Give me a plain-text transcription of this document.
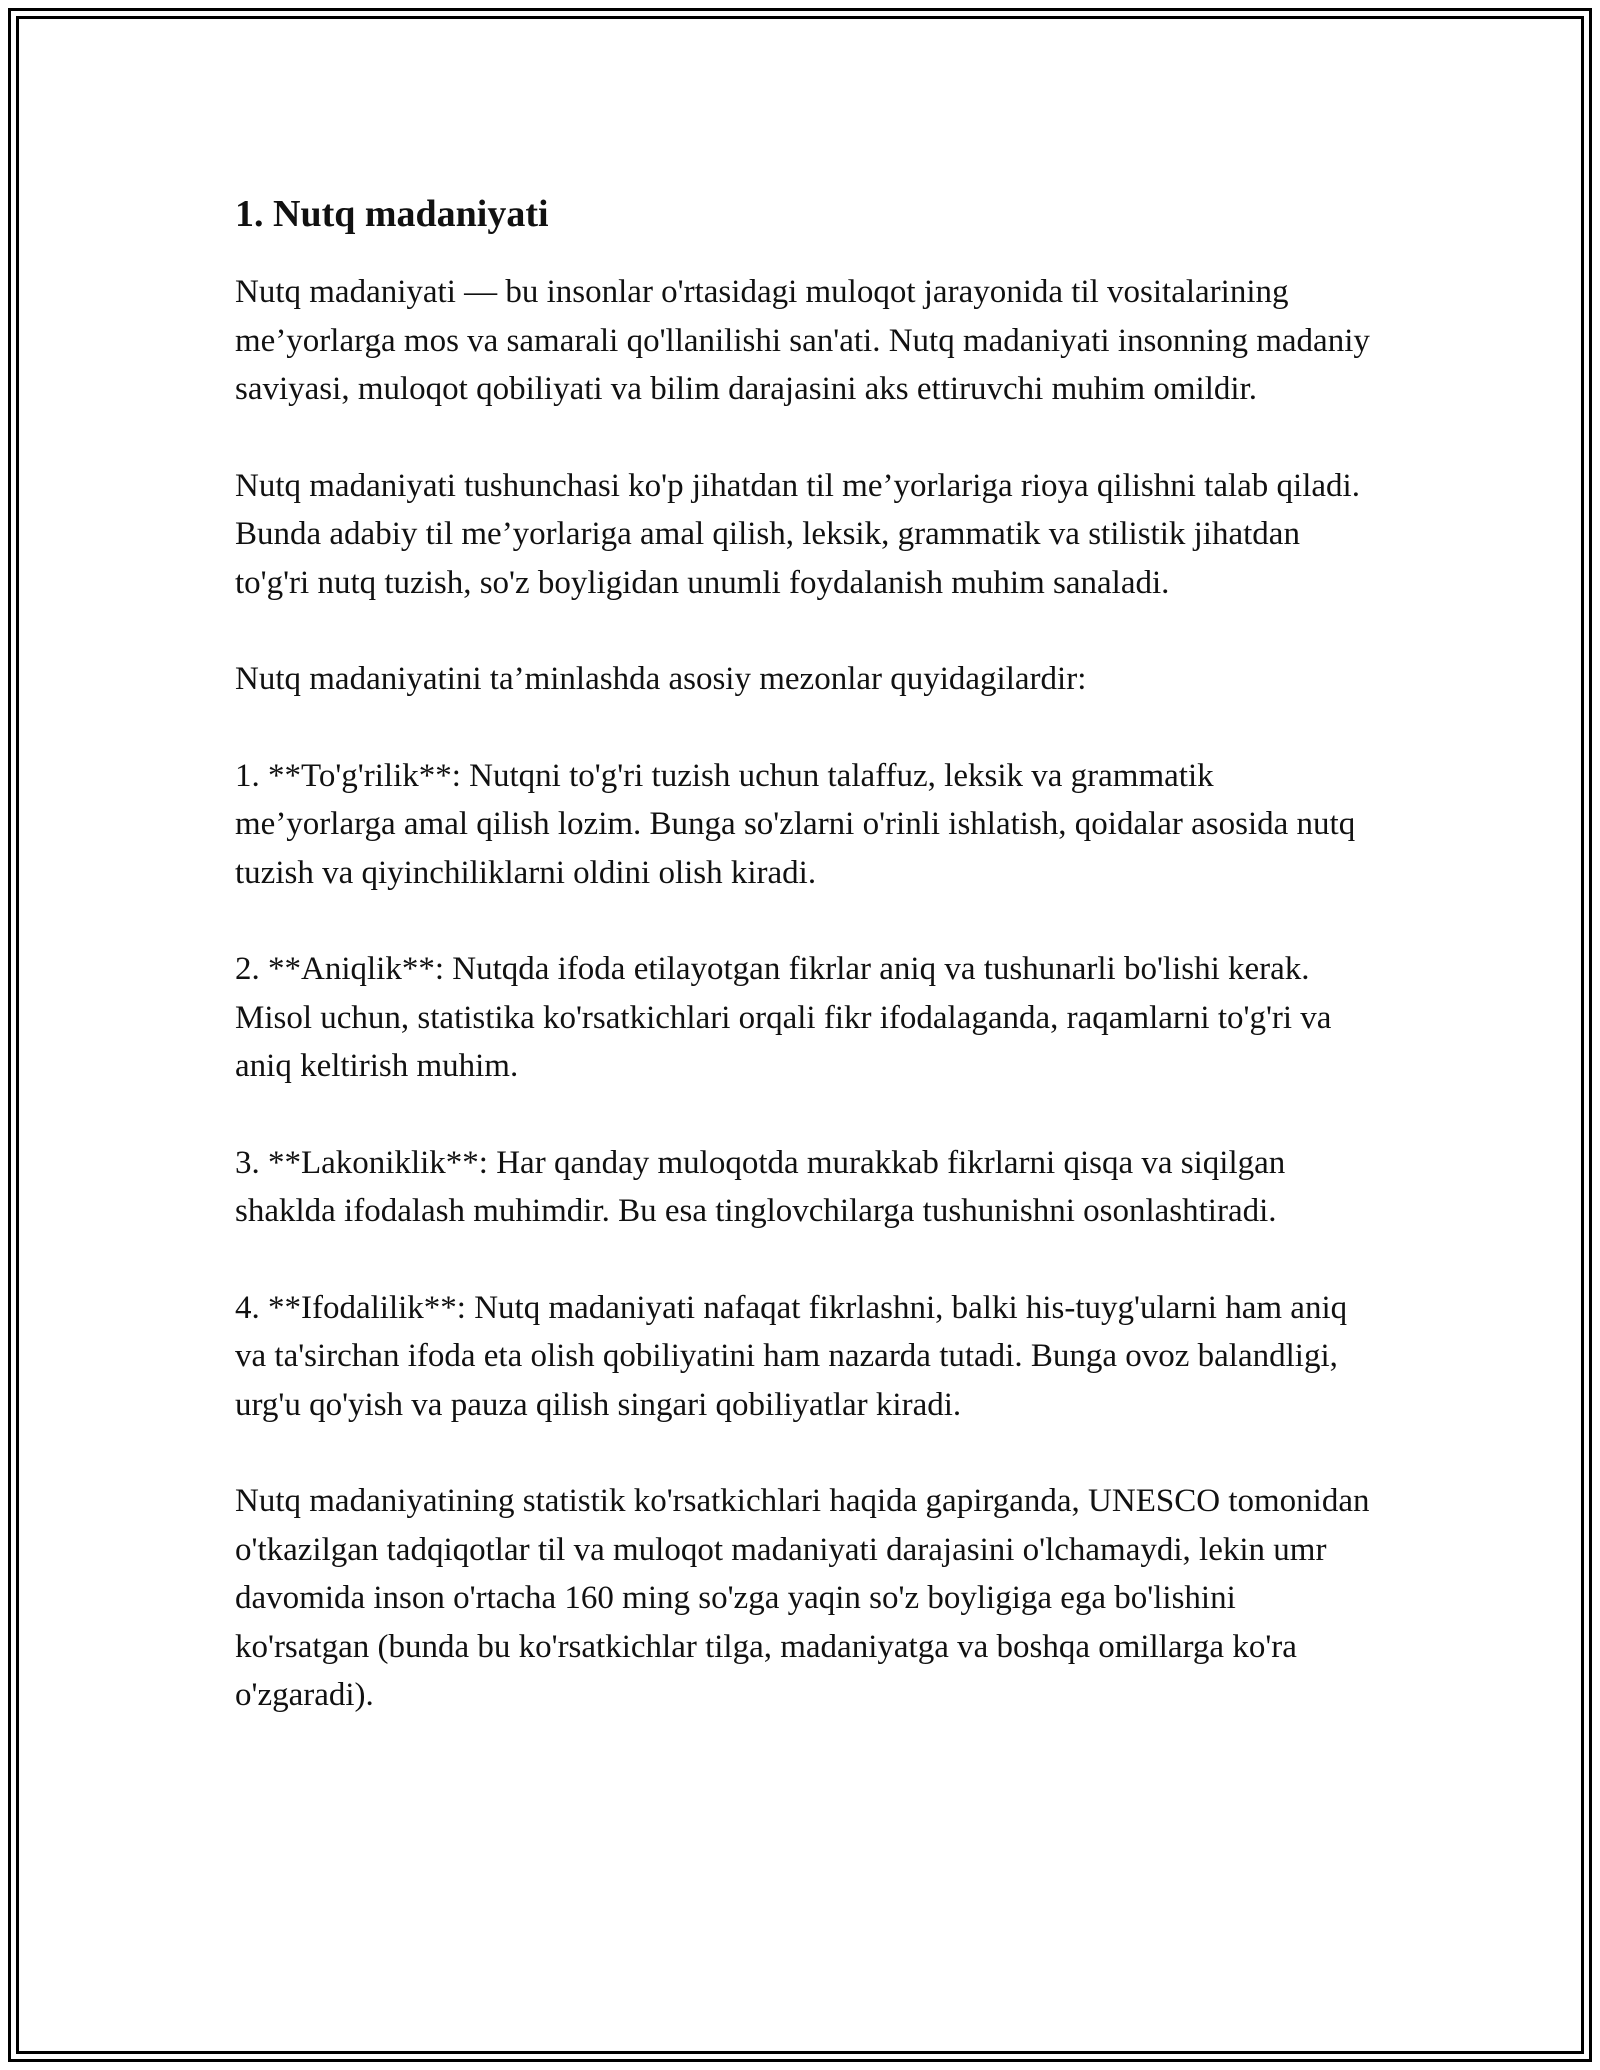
1. Nutq madaniyati

Nutq madaniyati — bu insonlar o'rtasidagi muloqot jarayonida til vositalarining me’yorlarga mos va samarali qo'llanilishi san'ati. Nutq madaniyati insonning madaniy saviyasi, muloqot qobiliyati va bilim darajasini aks ettiruvchi muhim omildir.

Nutq madaniyati tushunchasi ko'p jihatdan til me’yorlariga rioya qilishni talab qiladi. Bunda adabiy til me’yorlariga amal qilish, leksik, grammatik va stilistik jihatdan to'g'ri nutq tuzish, so'z boyligidan unumli foydalanish muhim sanaladi.

Nutq madaniyatini ta’minlashda asosiy mezonlar quyidagilardir:

1. **To'g'rilik**: Nutqni to'g'ri tuzish uchun talaffuz, leksik va grammatik me’yorlarga amal qilish lozim. Bunga so'zlarni o'rinli ishlatish, qoidalar asosida nutq tuzish va qiyinchiliklarni oldini olish kiradi.

2. **Aniqlik**: Nutqda ifoda etilayotgan fikrlar aniq va tushunarli bo'lishi kerak. Misol uchun, statistika ko'rsatkichlari orqali fikr ifodalaganda, raqamlarni to'g'ri va aniq keltirish muhim.

3. **Lakoniklik**: Har qanday muloqotda murakkab fikrlarni qisqa va siqilgan shaklda ifodalash muhimdir. Bu esa tinglovchilarga tushunishni osonlashtiradi.

4. **Ifodalilik**: Nutq madaniyati nafaqat fikrlashni, balki his-tuyg'ularni ham aniq va ta'sirchan ifoda eta olish qobiliyatini ham nazarda tutadi. Bunga ovoz balandligi, urg'u qo'yish va pauza qilish singari qobiliyatlar kiradi.

Nutq madaniyatining statistik ko'rsatkichlari haqida gapirganda, UNESCO tomonidan o'tkazilgan tadqiqotlar til va muloqot madaniyati darajasini o'lchamaydi, lekin umr davomida inson o'rtacha 160 ming so'zga yaqin so'z boyligiga ega bo'lishini ko'rsatgan (bunda bu ko'rsatkichlar tilga, madaniyatga va boshqa omillarga ko'ra o'zgaradi).
